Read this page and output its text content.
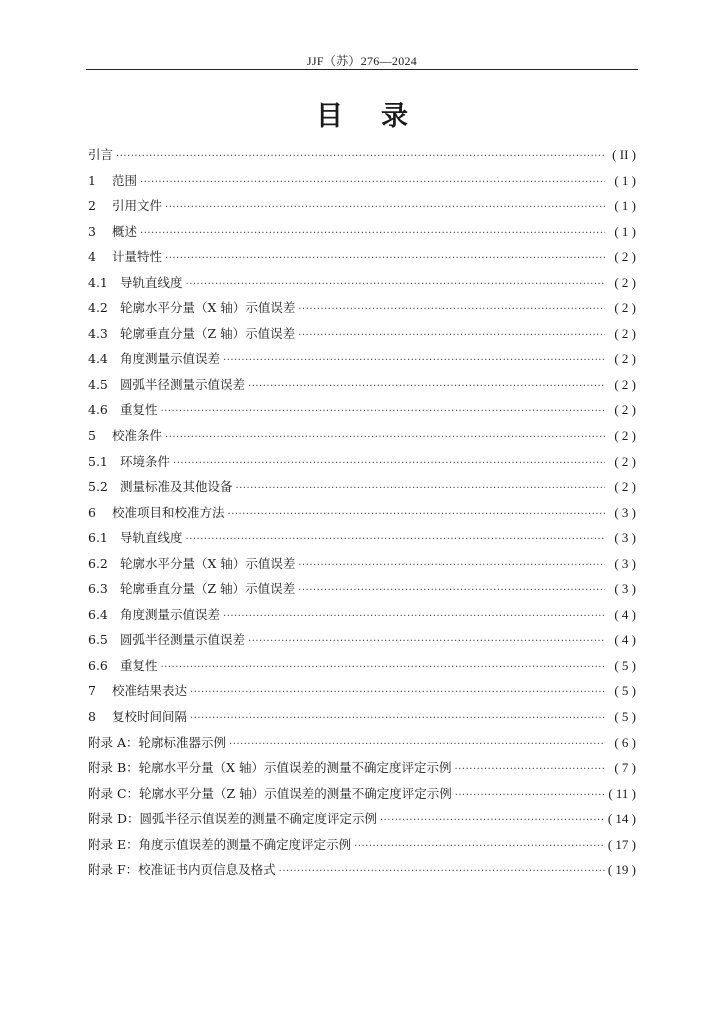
JJF（苏）276—2024
目 录
引言 ·····	( II )
1 范围 ·····	( 1 )
2 引用文件 ·····	( 1 )
3 概述 ·····	( 1 )
4 计量特性 ·····	( 2 )
4.1 导轨直线度 ·····	( 2 )
4.2 轮廓水平分量（X 轴）示值误差 ·····	( 2 )
4.3 轮廓垂直分量（Z 轴）示值误差 ·····	( 2 )
4.4 角度测量示值误差 ·····	( 2 )
4.5 圆弧半径测量示值误差 ·····	( 2 )
4.6 重复性 ·····	( 2 )
5 校准条件 ·····	( 2 )
5.1 环境条件 ·····	( 2 )
5.2 测量标准及其他设备 ·····	( 2 )
6 校准项目和校准方法 ·····	( 3 )
6.1 导轨直线度 ·····	( 3 )
6.2 轮廓水平分量（X 轴）示值误差 ·····	( 3 )
6.3 轮廓垂直分量（Z 轴）示值误差 ·····	( 3 )
6.4 角度测量示值误差 ·····	( 4 )
6.5 圆弧半径测量示值误差 ·····	( 4 )
6.6 重复性 ·····	( 5 )
7 校准结果表达 ·····	( 5 )
8 复校时间间隔 ·····	( 5 )
附录 A：轮廓标准器示例 ·····	( 6 )
附录 B：轮廓水平分量（X 轴）示值误差的测量不确定度评定示例 ·····	( 7 )
附录 C：轮廓水平分量（Z 轴）示值误差的测量不确定度评定示例 ·····	( 11 )
附录 D：圆弧半径示值误差的测量不确定度评定示例 ·····	( 14 )
附录 E：角度示值误差的测量不确定度评定示例 ·····	( 17 )
附录 F：校准证书内页信息及格式 ·····	( 19 )
